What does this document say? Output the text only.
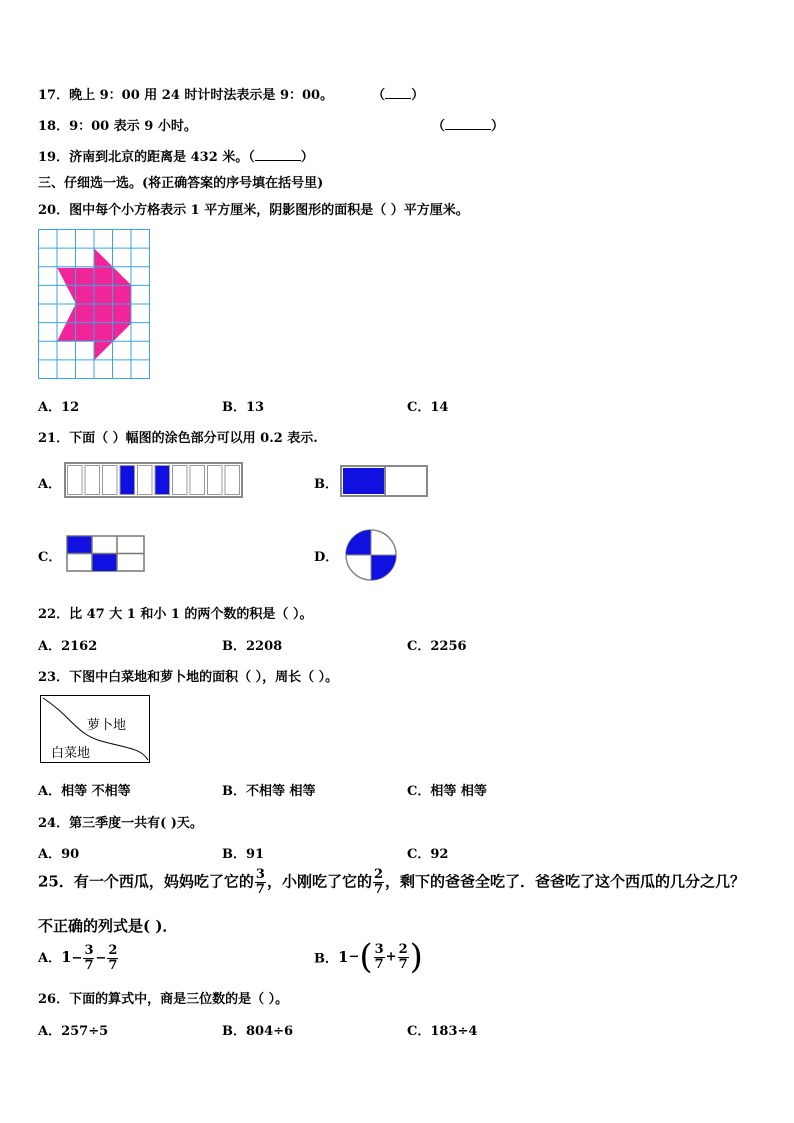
17．晚上 9：00 用 24 时计时法表示是 9：00。	（ ）
18．9：00 表示 9 小时。	（	）
19．济南到北京的距离是 432 米。（	）
三、仔细选一选。(将正确答案的序号填在括号里)
20．图中每个小方格表示 1 平方厘米，阴影图形的面积是（ ）平方厘米。
A．12	B．13	C．14
21．下面（ ）幅图的涂色部分可以用 0.2 表示.
A．	B．
C．	D．
22．比 47 大 1 和小 1 的两个数的积是（ ）。
A．2162	B．2208	C．2256
23．下图中白菜地和萝卜地的面积（ ），周长（ ）。
萝卜地
白菜地
A．相等 不相等	B．不相等 相等	C．相等 相等
24．第三季度一共有( )天。
A．90	B．91	C．92
25．有一个西瓜，妈妈吃了它的 $\frac{3}{7}$ ，小刚吃了它的 $\frac{2}{7}$ ，剩下的爸爸全吃了．爸爸吃了这个西瓜的几分之几？
不正确的列式是( )．
A．$1- \frac{3}{7} - \frac{2}{7}$	B．$1-( \frac{3}{7} + \frac{2}{7}$ )
26．下面的算式中，商是三位数的是（ ）。
A．257÷5	B．804÷6	C．183÷4
